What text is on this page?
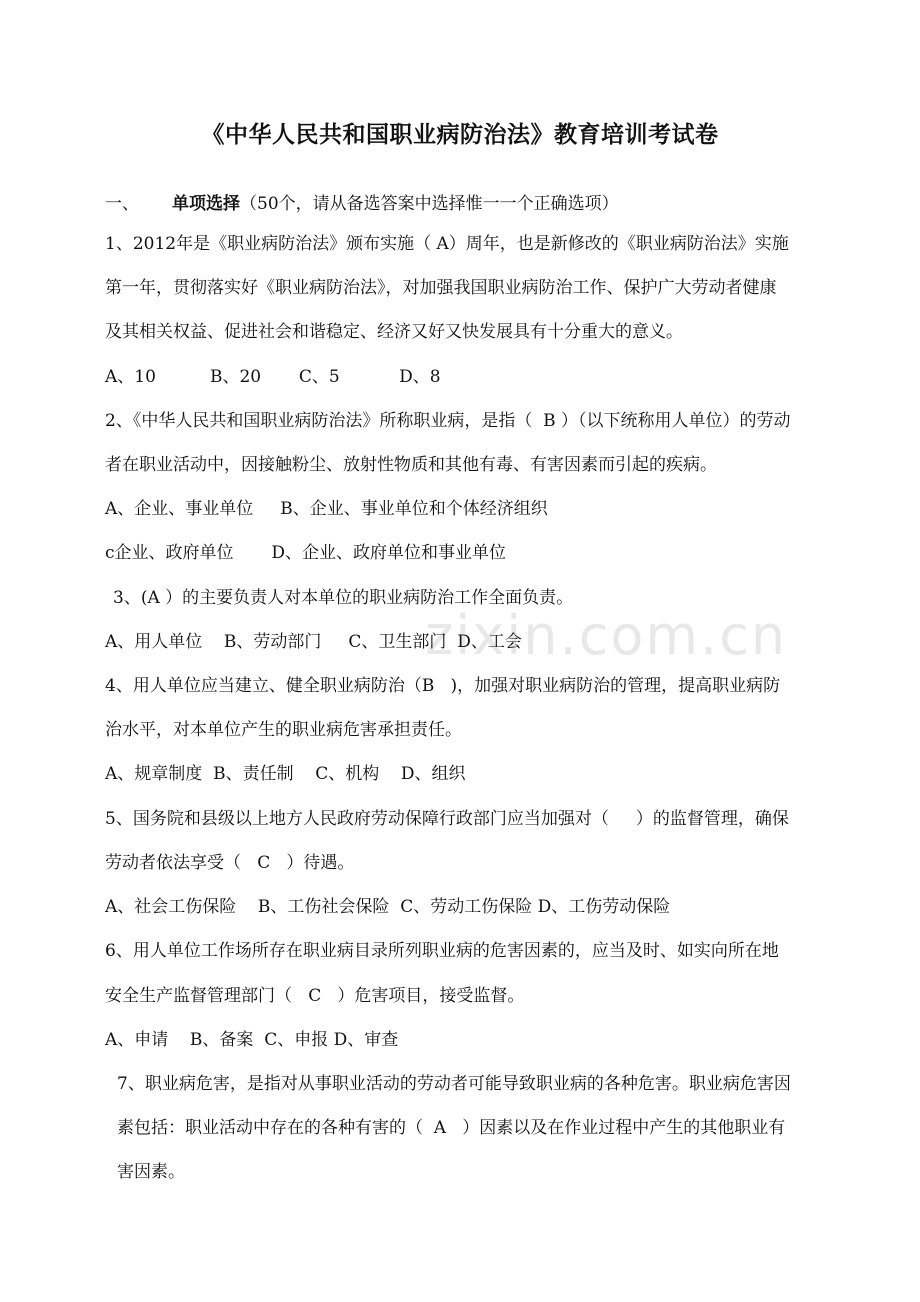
《中华人民共和国职业病防治法》教育培训考试卷
一、 单项选择（50个，请从备选答案中选择惟一一个正确选项）
zixin.com.cn
1、2012年是《职业病防治法》颁布实施（ A）周年，也是新修改的《职业病防治法》实施
第一年，贯彻落实好《职业病防治法》，对加强我国职业病防治工作、保护广大劳动者健康
及其相关权益、促进社会和谐稳定、经济又好又快发展具有十分重大的意义。
A、10          B、20       C、5           D、8
2、《中华人民共和国职业病防治法》所称职业病，是指（  B ）（以下统称用人单位）的劳动
者在职业活动中，因接触粉尘、放射性物质和其他有毒、有害因素而引起的疾病。
A、企业、事业单位     B、企业、事业单位和个体经济组织
c企业、政府单位       D、企业、政府单位和事业单位
3、(A ）的主要负责人对本单位的职业病防治工作全面负责。
A、用人单位    B、劳动部门     C、卫生部门  D、工会
4、用人单位应当建立、健全职业病防治（B   )，加强对职业病防治的管理，提高职业病防
治水平，对本单位产生的职业病危害承担责任。
A、规章制度  B、责任制    C、机构    D、组织
5、国务院和县级以上地方人民政府劳动保障行政部门应当加强对（     ）的监督管理，确保
劳动者依法享受（   C   ）待遇。
A、社会工伤保险    B、工伤社会保险  C、劳动工伤保险 D、工伤劳动保险
6、用人单位工作场所存在职业病目录所列职业病的危害因素的，应当及时、如实向所在地
安全生产监督管理部门（   C   ）危害项目，接受监督。
A、申请    B、备案  C、申报 D、审查
7、职业病危害，是指对从事职业活动的劳动者可能导致职业病的各种危害。职业病危害因
素包括：职业活动中存在的各种有害的（  A   ）因素以及在作业过程中产生的其他职业有
害因素。
